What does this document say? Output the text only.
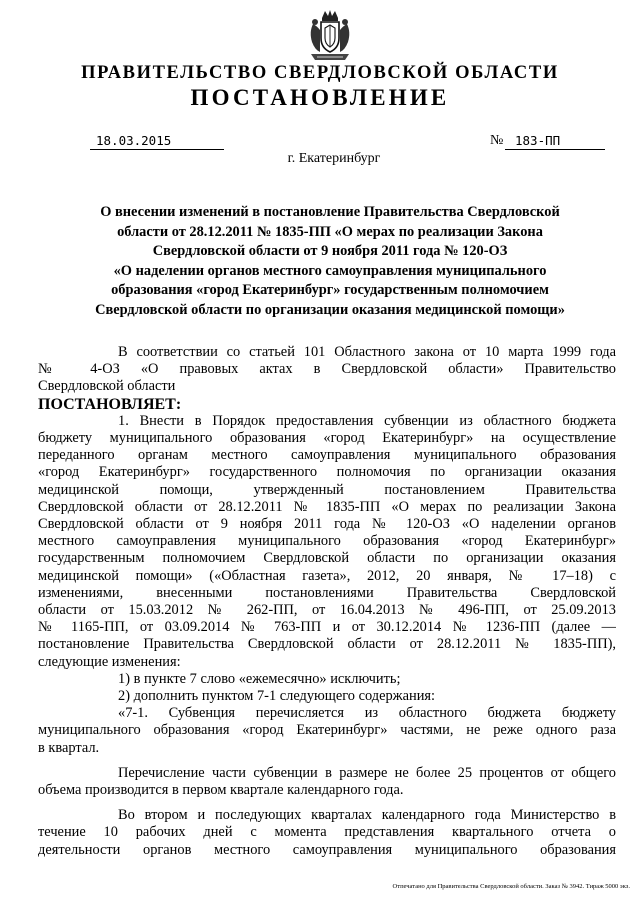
ПРАВИТЕЛЬСТВО СВЕРДЛОВСКОЙ ОБЛАСТИ
ПОСТАНОВЛЕНИЕ
18.03.2015	№ 183-ПП
г. Екатеринбург
О внесении изменений в постановление Правительства Свердловской
области от 28.12.2011 № 1835-ПП «О мерах по реализации Закона
Свердловской области от 9 ноября 2011 года № 120-ОЗ
«О наделении органов местного самоуправления муниципального
образования «город Екатеринбург» государственным полномочием
Свердловской области по организации оказания медицинской помощи»
В соответствии со статьей 101 Областного закона от 10 марта 1999 года
№ 4-ОЗ «О правовых актах в Свердловской области» Правительство
Свердловской области
ПОСТАНОВЛЯЕТ:
1. Внести в Порядок предоставления субвенции из областного бюджета
бюджету муниципального образования «город Екатеринбург» на осуществление
переданного органам местного самоуправления муниципального образования
«город Екатеринбург» государственного полномочия по организации оказания
медицинской помощи, утвержденный постановлением Правительства
Свердловской области от 28.12.2011 № 1835-ПП «О мерах по реализации Закона
Свердловской области от 9 ноября 2011 года № 120-ОЗ «О наделении органов
местного самоуправления муниципального образования «город Екатеринбург»
государственным полномочием Свердловской области по организации оказания
медицинской помощи» («Областная газета», 2012, 20 января, № 17–18) с
изменениями, внесенными постановлениями Правительства Свердловской
области от 15.03.2012 № 262-ПП, от 16.04.2013 № 496-ПП, от 25.09.2013
№ 1165-ПП, от 03.09.2014 № 763-ПП и от 30.12.2014 № 1236-ПП (далее —
постановление Правительства Свердловской области от 28.12.2011 № 1835-ПП),
следующие изменения:
1) в пункте 7 слово «ежемесячно» исключить;
2) дополнить пунктом 7-1 следующего содержания:
«7-1. Субвенция перечисляется из областного бюджета бюджету
муниципального образования «город Екатеринбург» частями, не реже одного раза
в квартал.
Перечисление части субвенции в размере не более 25 процентов от общего
объема производится в первом квартале календарного года.
Во втором и последующих кварталах календарного года Министерство в
течение 10 рабочих дней с момента представления квартального отчета о
деятельности органов местного самоуправления муниципального образования
Отпечатано для Правительства Свердловской области. Заказ № 3942. Тираж 5000 экз.
